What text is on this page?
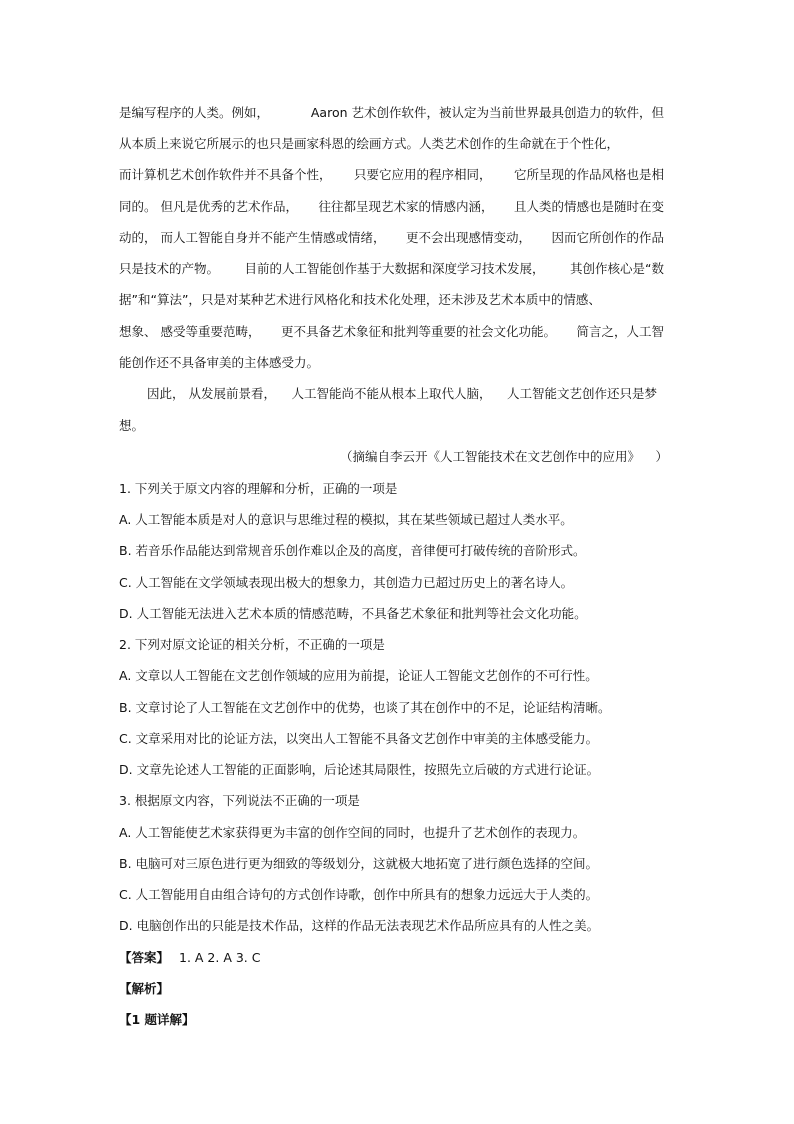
是编写程序的人类。例如，	Aaron 艺术创作软件，被认定为当前世界最具创造力的软件，但
从本质上来说它所展示的也只是画家科恩的绘画方式。人类艺术创作的生命就在于个性化，
而计算机艺术创作软件并不具备个性， 只要它应用的程序相同， 它所呈现的作品风格也是相
同的。 但凡是优秀的艺术作品， 往往都呈现艺术家的情感内涵， 且人类的情感也是随时在变
动的， 而人工智能自身并不能产生情感或情绪， 更不会出现感情变动， 因而它所创作的作品
只是技术的产物。 目前的人工智能创作基于大数据和深度学习技术发展， 其创作核心是“数
据”和“算法”，只是对某种艺术进行风格化和技术化处理，还未涉及艺术本质中的情感、
想象、 感受等重要范畴， 更不具备艺术象征和批判等重要的社会文化功能。 简言之，人工智
能创作还不具备审美的主体感受力。
因此， 从发展前景看， 人工智能尚不能从根本上取代人脑， 人工智能文艺创作还只是梦
想。
（摘编自李云开《人工智能技术在文艺创作中的应用》 ）
1. 下列关于原文内容的理解和分析，正确的一项是
A. 人工智能本质是对人的意识与思维过程的模拟，其在某些领域已超过人类水平。
B. 若音乐作品能达到常规音乐创作难以企及的高度，音律便可打破传统的音阶形式。
C. 人工智能在文学领域表现出极大的想象力，其创造力已超过历史上的著名诗人。
D. 人工智能无法进入艺术本质的情感范畴，不具备艺术象征和批判等社会文化功能。
2. 下列对原文论证的相关分析，不正确的一项是
A. 文章以人工智能在文艺创作领域的应用为前提，论证人工智能文艺创作的不可行性。
B. 文章讨论了人工智能在文艺创作中的优势，也谈了其在创作中的不足，论证结构清晰。
C. 文章采用对比的论证方法，以突出人工智能不具备文艺创作中审美的主体感受能力。
D. 文章先论述人工智能的正面影响，后论述其局限性，按照先立后破的方式进行论证。
3. 根据原文内容，下列说法不正确的一项是
A. 人工智能使艺术家获得更为丰富的创作空间的同时，也提升了艺术创作的表现力。
B. 电脑可对三原色进行更为细致的等级划分，这就极大地拓宽了进行颜色选择的空间。
C. 人工智能用自由组合诗句的方式创作诗歌，创作中所具有的想象力远远大于人类的。
D. 电脑创作出的只能是技术作品，这样的作品无法表现艺术作品所应具有的人性之美。
【答案】 1. A 2. A 3. C
【解析】
【1 题详解】
